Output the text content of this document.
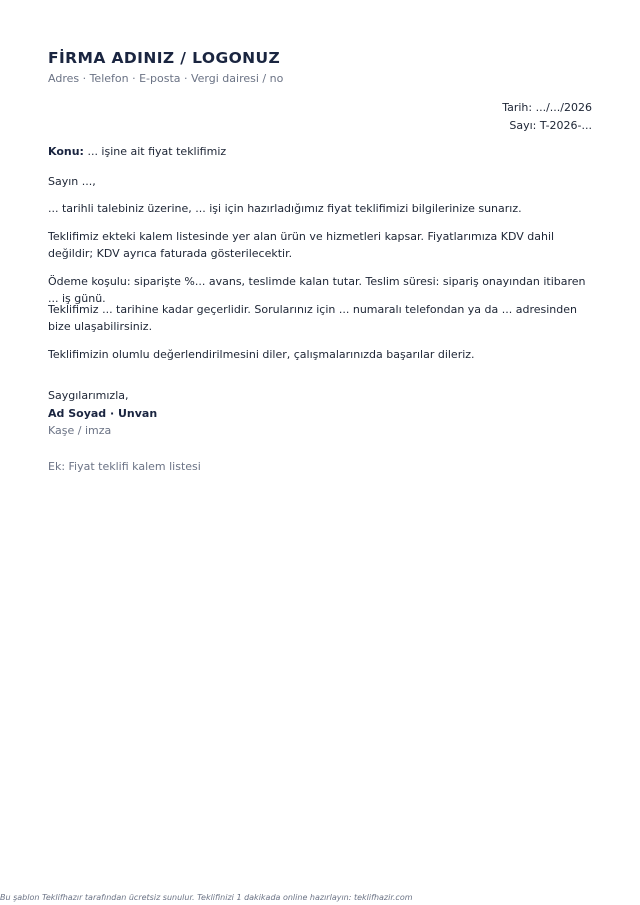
FİRMA ADINIZ / LOGONUZ
Adres · Telefon · E-posta · Vergi dairesi / no
Tarih: .../.../2026
Sayı: T-2026-...
Konu: ... işine ait fiyat teklifimiz
Sayın ...,
... tarihli talebiniz üzerine, ... işi için hazırladığımız fiyat teklifimizi bilgilerinize sunarız.
Teklifimiz ekteki kalem listesinde yer alan ürün ve hizmetleri kapsar. Fiyatlarımıza KDV dahil değildir; KDV ayrıca faturada gösterilecektir.
Ödeme koşulu: siparişte %... avans, teslimde kalan tutar. Teslim süresi: sipariş onayından itibaren ... iş günü.
Teklifimiz ... tarihine kadar geçerlidir. Sorularınız için ... numaralı telefondan ya da ... adresinden bize ulaşabilirsiniz.
Teklifimizin olumlu değerlendirilmesini diler, çalışmalarınızda başarılar dileriz.
Saygılarımızla,
Ad Soyad · Unvan
Kaşe / imza
Ek: Fiyat teklifi kalem listesi
Bu şablon Teklifhazır tarafından ücretsiz sunulur. Teklifinizi 1 dakikada online hazırlayın: teklifhazir.com
